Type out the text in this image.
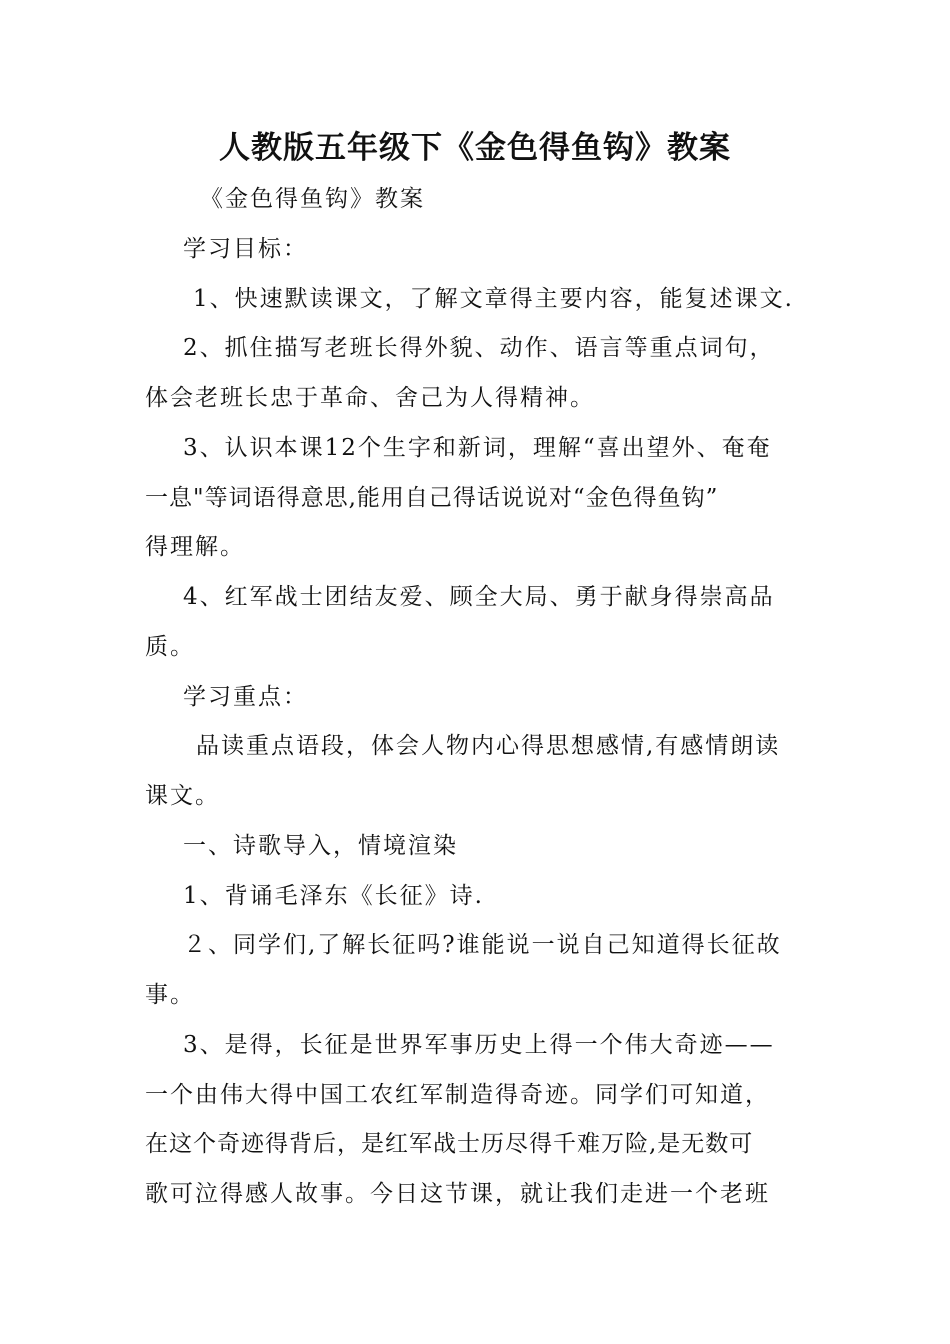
人教版五年级下《金色得鱼钩》教案
《金色得鱼钩》教案
学习目标：
1、快速默读课文，了解文章得主要内容，能复述课文.
2、抓住描写老班长得外貌、动作、语言等重点词句，
体会老班长忠于革命、舍己为人得精神。
3、认识本课12个生字和新词，理解“喜出望外、奄奄
一息"等词语得意思,能用自己得话说说对“金色得鱼钩”
得理解。
4、红军战士团结友爱、顾全大局、勇于献身得崇高品
质。
学习重点：
品读重点语段，体会人物内心得思想感情,有感情朗读
课文。
一、诗歌导入，情境渲染
1、背诵毛泽东《长征》诗.
２、同学们,了解长征吗?谁能说一说自己知道得长征故
事。
3、是得，长征是世界军事历史上得一个伟大奇迹——
一个由伟大得中国工农红军制造得奇迹。同学们可知道，
在这个奇迹得背后，是红军战士历尽得千难万险,是无数可
歌可泣得感人故事。今日这节课，就让我们走进一个老班
